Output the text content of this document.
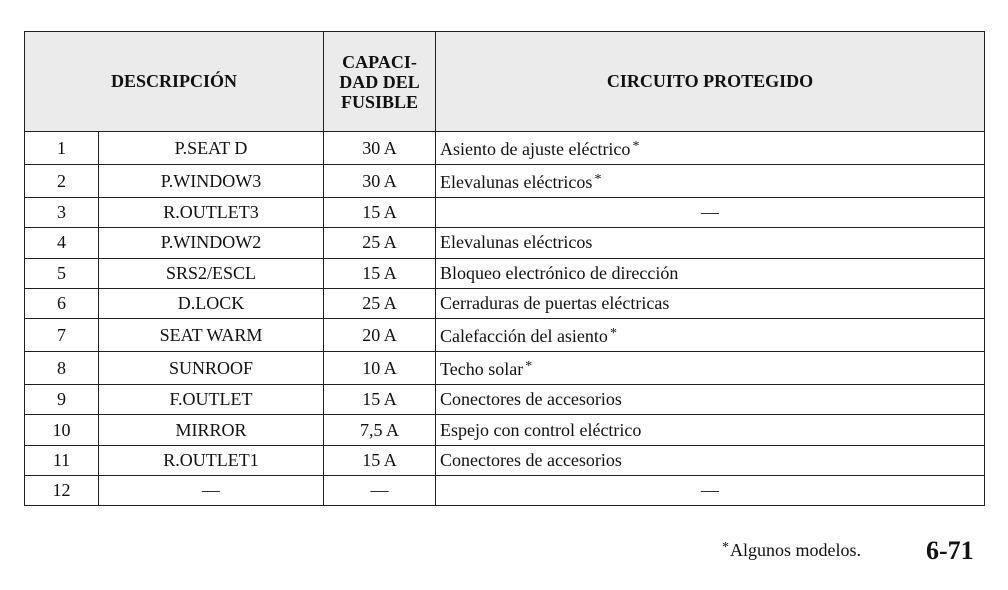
DESCRIPCIÓN		CAPACI-
DAD DEL
FUSIBLE	CIRCUITO PROTEGIDO
1	P.SEAT D	30 A	Asiento de ajuste eléctrico *
2	P.WINDOW3	30 A	Elevalunas eléctricos *
3	R.OUTLET3	15 A	—
4	P.WINDOW2	25 A	Elevalunas eléctricos
5	SRS2/ESCL	15 A	Bloqueo electrónico de dirección
6	D.LOCK	25 A	Cerraduras de puertas eléctricas
7	SEAT WARM	20 A	Calefacción del asiento *
8	SUNROOF	10 A	Techo solar *
9	F.OUTLET	15 A	Conectores de accesorios
10	MIRROR	7,5 A	Espejo con control eléctrico
11	R.OUTLET1	15 A	Conectores de accesorios
12	—	—	—
*Algunos modelos. 6-71
